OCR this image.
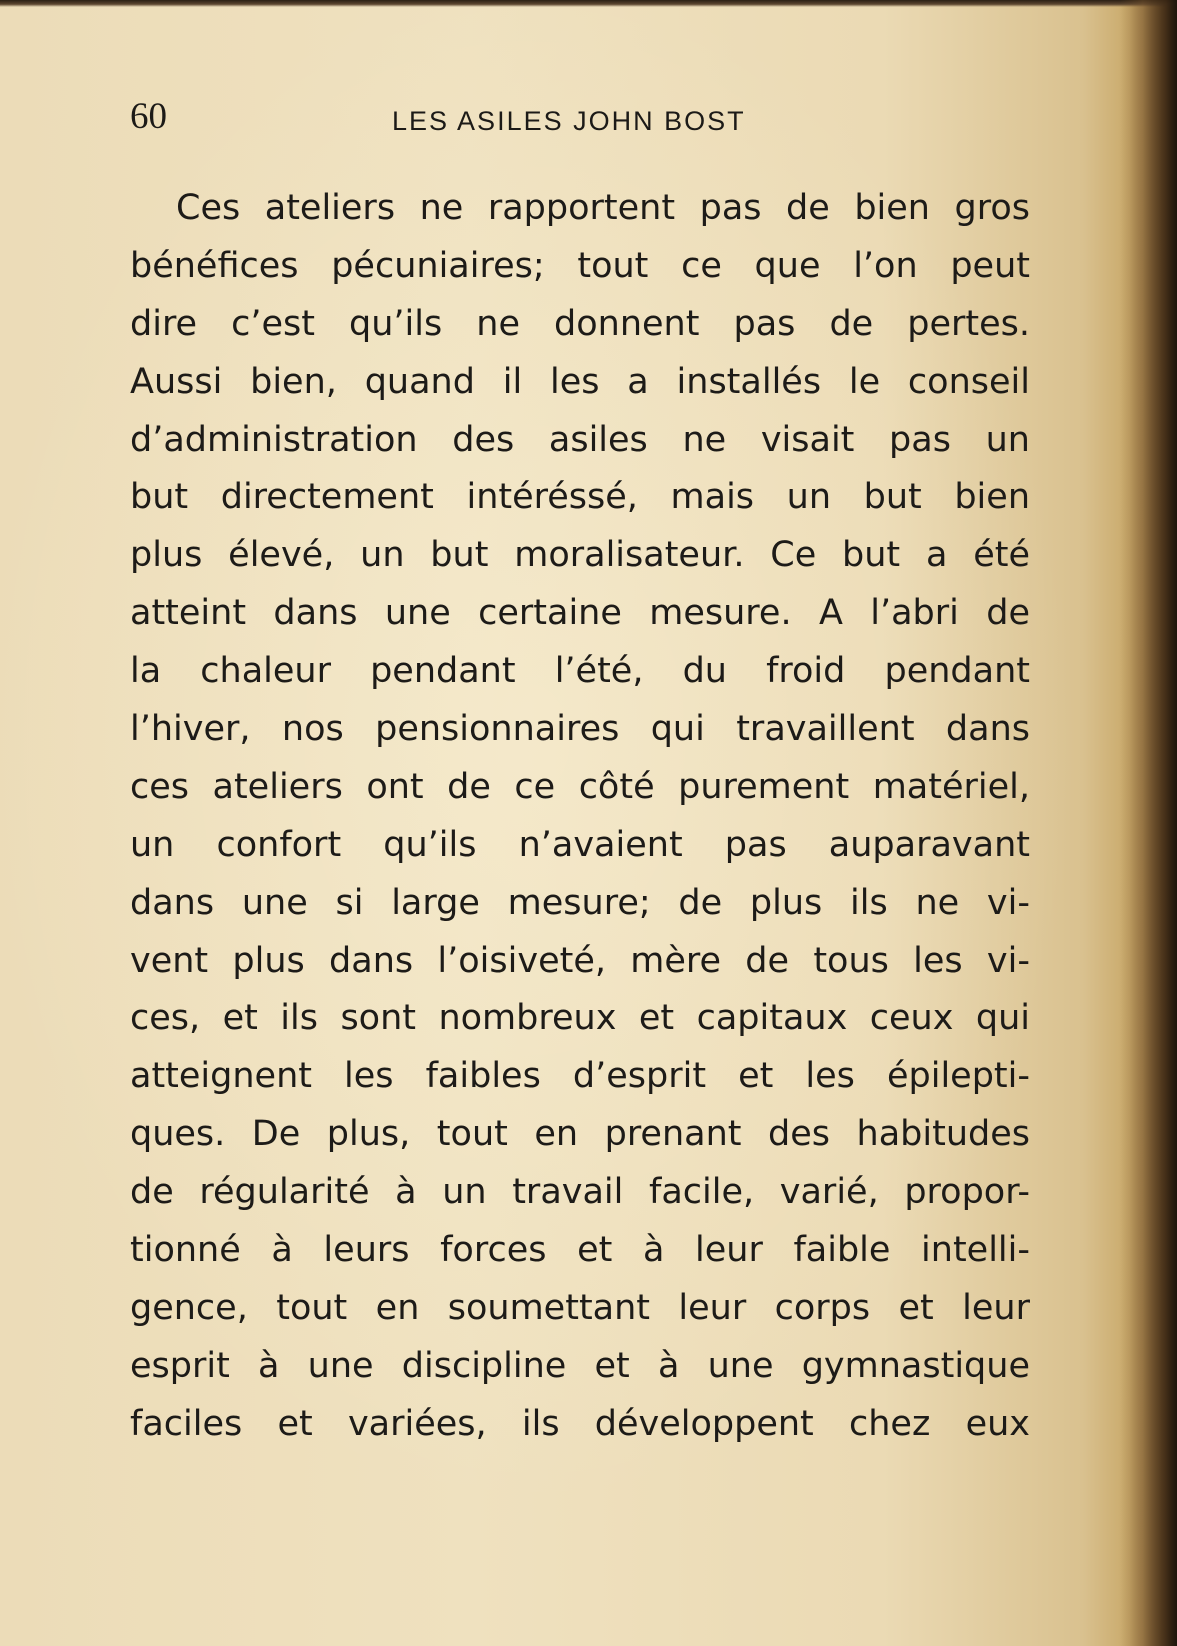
60	LES ASILES JOHN BOST
Ces ateliers ne rapportent pas de bien gros
bénéfices pécuniaires; tout ce que l’on peut
dire c’est qu’ils ne donnent pas de pertes.
Aussi bien, quand il les a installés le conseil
d’administration des asiles ne visait pas un
but directement intéréssé, mais un but bien
plus élevé, un but moralisateur. Ce but a été
atteint dans une certaine mesure. A l’abri de
la chaleur pendant l’été, du froid pendant
l’hiver, nos pensionnaires qui travaillent dans
ces ateliers ont de ce côté purement matériel,
un confort qu’ils n’avaient pas auparavant
dans une si large mesure; de plus ils ne vi-
vent plus dans l’oisiveté, mère de tous les vi-
ces, et ils sont nombreux et capitaux ceux qui
atteignent les faibles d’esprit et les épilepti-
ques. De plus, tout en prenant des habitudes
de régularité à un travail facile, varié, propor-
tionné à leurs forces et à leur faible intelli-
gence, tout en soumettant leur corps et leur
esprit à une discipline et à une gymnastique
faciles et variées, ils développent chez eux
